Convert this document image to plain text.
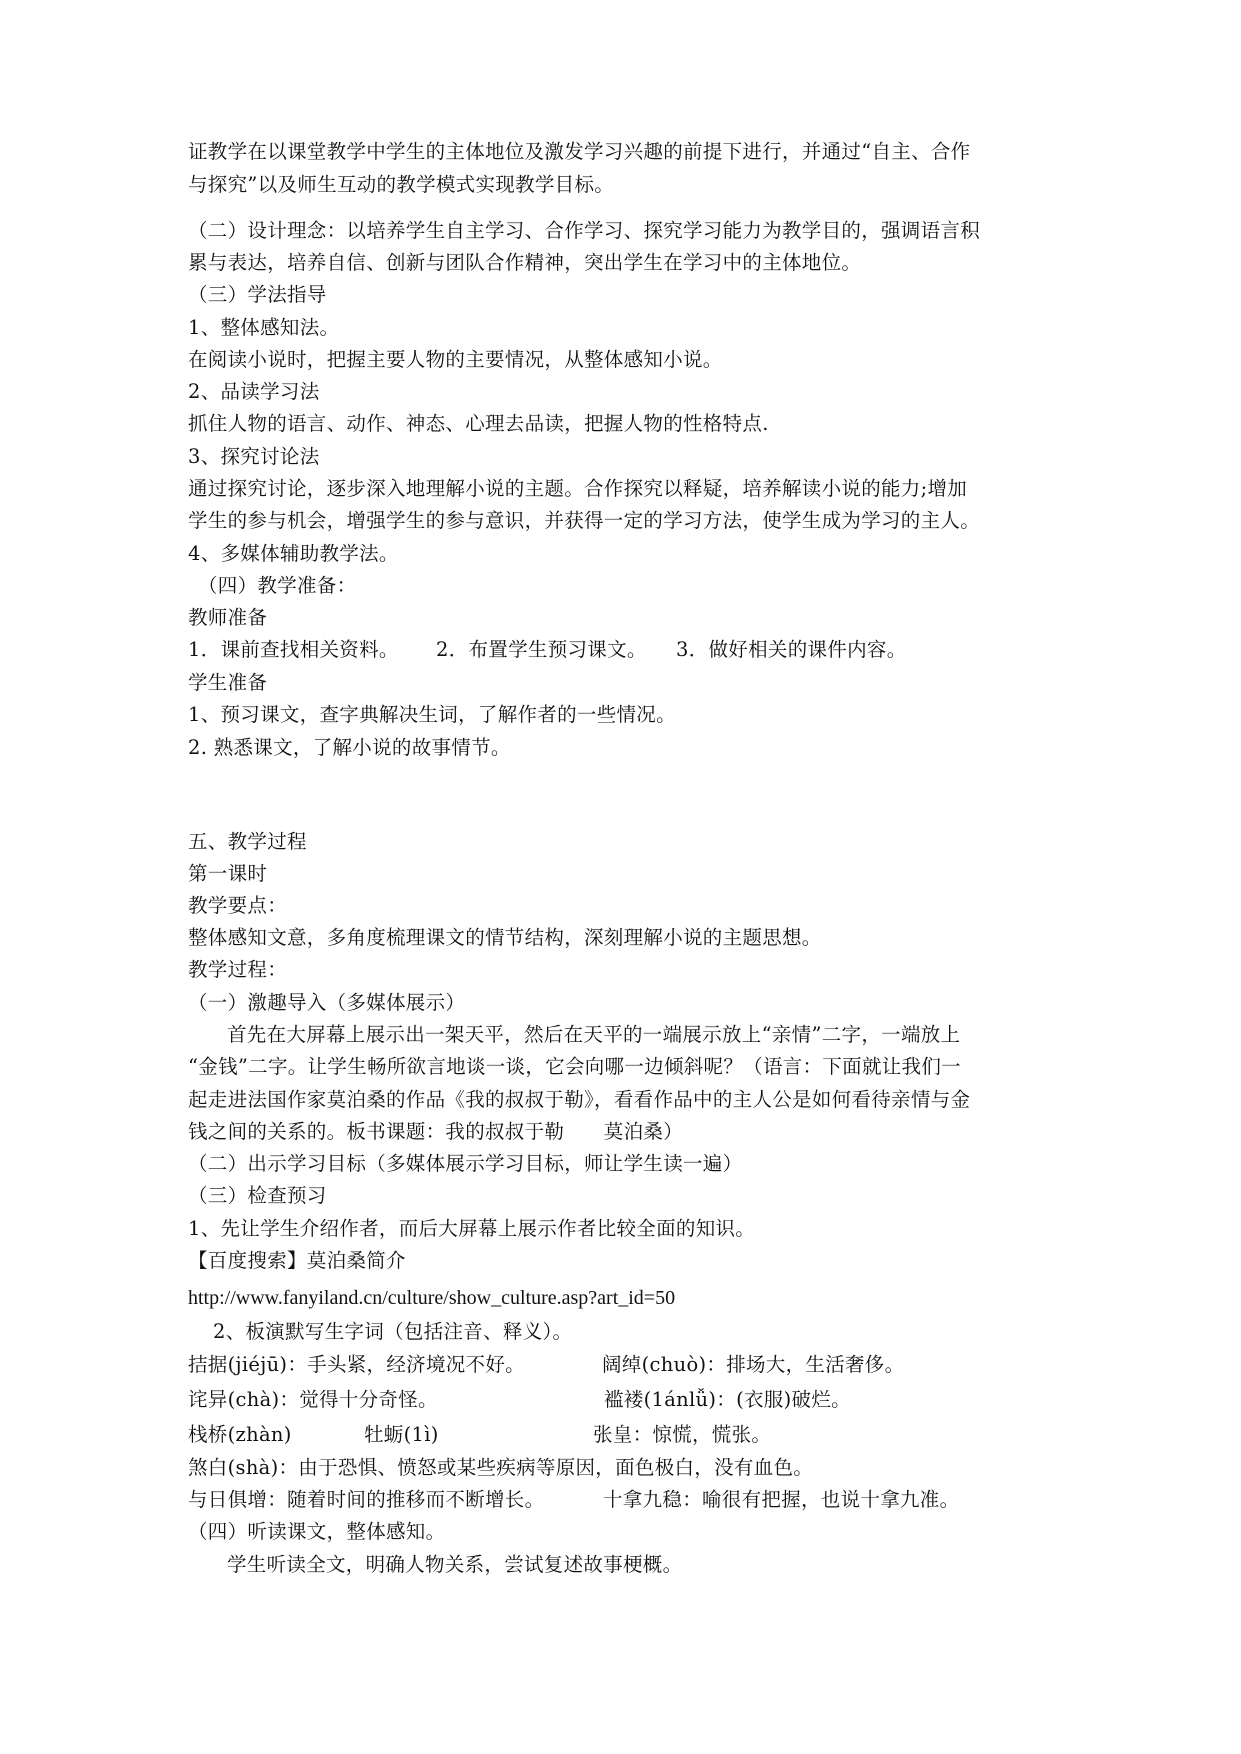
证教学在以课堂教学中学生的主体地位及激发学习兴趣的前提下进行，并通过“自主、合作
与探究”以及师生互动的教学模式实现教学目标。
（二）设计理念：以培养学生自主学习、合作学习、探究学习能力为教学目的，强调语言积
累与表达，培养自信、创新与团队合作精神，突出学生在学习中的主体地位。
（三）学法指导
1、整体感知法。
在阅读小说时，把握主要人物的主要情况，从整体感知小说。
2、品读学习法
抓住人物的语言、动作、神态、心理去品读，把握人物的性格特点.
3、探究讨论法
通过探究讨论，逐步深入地理解小说的主题。合作探究以释疑，培养解读小说的能力;增加
学生的参与机会，增强学生的参与意识，并获得一定的学习方法，使学生成为学习的主人。
4、多媒体辅助教学法。
（四）教学准备：
教师准备
1．课前查找相关资料。 2．布置学生预习课文。 3．做好相关的课件内容。
学生准备
1、预习课文，查字典解决生词，了解作者的一些情况。
2. 熟悉课文，了解小说的故事情节。
五、教学过程
第一课时
教学要点：
整体感知文意，多角度梳理课文的情节结构，深刻理解小说的主题思想。
教学过程：
（一）激趣导入（多媒体展示）
首先在大屏幕上展示出一架天平，然后在天平的一端展示放上“亲情”二字，一端放上
“金钱”二字。让学生畅所欲言地谈一谈，它会向哪一边倾斜呢？（语言：下面就让我们一
起走进法国作家莫泊桑的作品《我的叔叔于勒》，看看作品中的主人公是如何看待亲情与金
钱之间的关系的。板书课题：我的叔叔于勒　　莫泊桑）
（二）出示学习目标（多媒体展示学习目标，师让学生读一遍）
（三）检查预习
1、先让学生介绍作者，而后大屏幕上展示作者比较全面的知识。
【百度搜索】莫泊桑简介
http://www.fanyiland.cn/culture/show_culture.asp?art_id=50
2、板演默写生字词（包括注音、释义）。
拮据(jiéjū)：手头紧，经济境况不好。	阔绰(chuò)：排场大，生活奢侈。
诧异(chà)：觉得十分奇怪。	褴褛(1ánlǚ)：(衣服)破烂。
栈桥(zhàn)	牡蛎(1ì)	张皇：惊慌，慌张。
煞白(shà)：由于恐惧、愤怒或某些疾病等原因，面色极白，没有血色。
与日俱增：随着时间的推移而不断增长。	十拿九稳：喻很有把握，也说十拿九准。
（四）听读课文，整体感知。
学生听读全文，明确人物关系，尝试复述故事梗概。
